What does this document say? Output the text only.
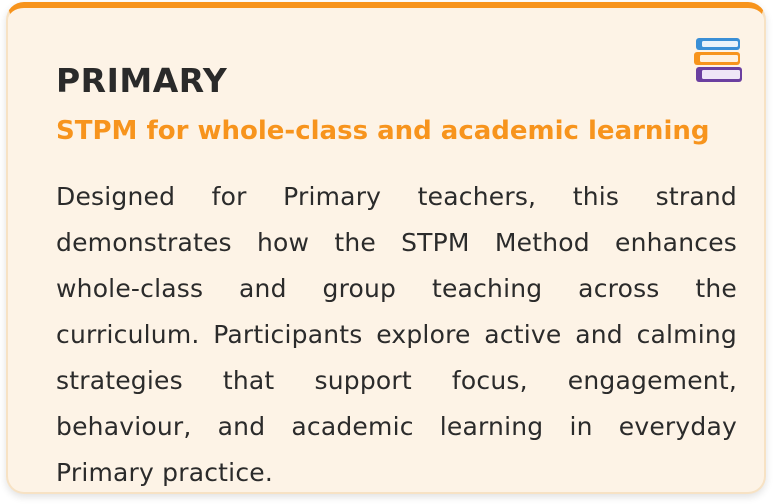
PRIMARY
STPM for whole-class and academic learning

Designed for Primary teachers, this strand demonstrates how the STPM Method enhances whole-class and group teaching across the curriculum. Participants explore active and calming strategies that support focus, engagement, behaviour, and academic learning in everyday Primary practice.
